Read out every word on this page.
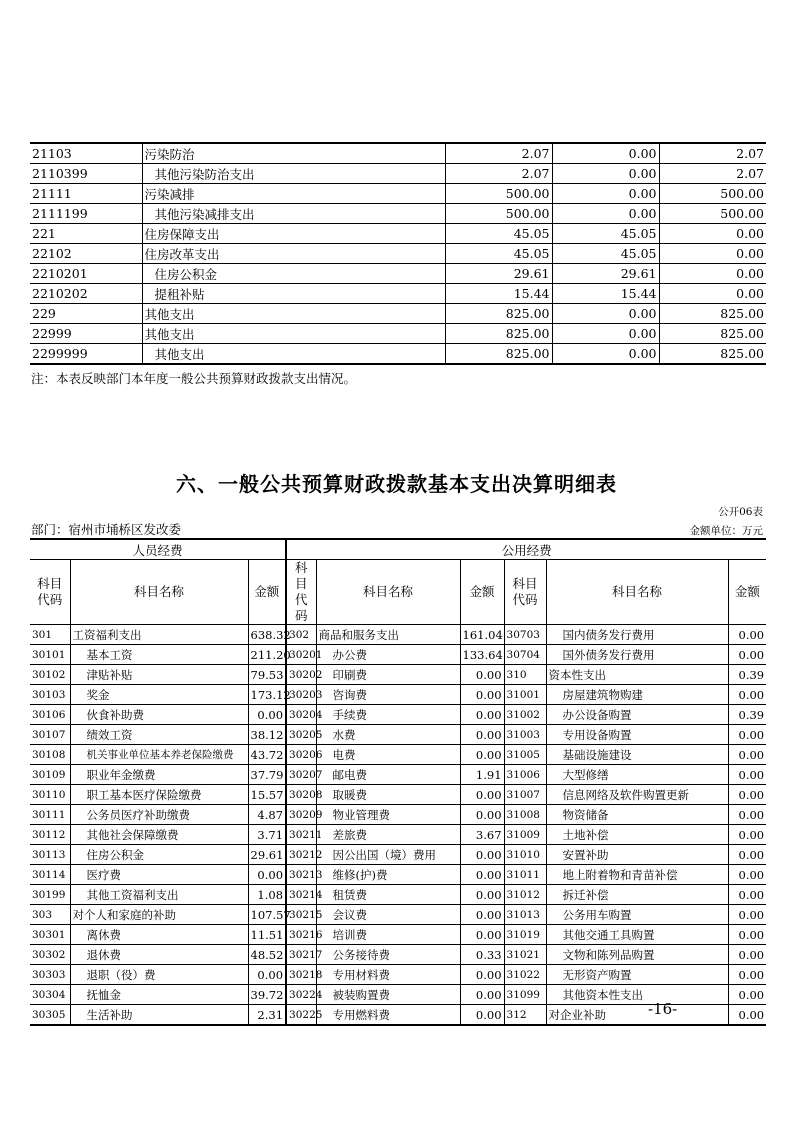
21103	污染防治	2.07	0.00	2.07
2110399	其他污染防治支出	2.07	0.00	2.07
21111	污染减排	500.00	0.00	500.00
2111199	其他污染减排支出	500.00	0.00	500.00
221	住房保障支出	45.05	45.05	0.00
22102	住房改革支出	45.05	45.05	0.00
2210201	住房公积金	29.61	29.61	0.00
2210202	提租补贴	15.44	15.44	0.00
229	其他支出	825.00	0.00	825.00
22999	其他支出	825.00	0.00	825.00
2299999	其他支出	825.00	0.00	825.00
注：本表反映部门本年度一般公共预算财政拨款支出情况。
六、一般公共预算财政拨款基本支出决算明细表
公开06表
部门：宿州市埇桥区发改委	金额单位：万元
人员经费			公用经费					
科目代码	科目名称	金额	科目代码	科目名称	金额	科目代码	科目名称	金额
301	工资福利支出	638.32	302	商品和服务支出	161.04	30703	国内债务发行费用	0.00
30101	基本工资	211.20	30201	办公费	133.64	30704	国外债务发行费用	0.00
30102	津贴补贴	79.53	30202	印刷费	0.00	310	资本性支出	0.39
30103	奖金	173.12	30203	咨询费	0.00	31001	房屋建筑物购建	0.00
30106	伙食补助费	0.00	30204	手续费	0.00	31002	办公设备购置	0.39
30107	绩效工资	38.12	30205	水费	0.00	31003	专用设备购置	0.00
30108	机关事业单位基本养老保险缴费	43.72	30206	电费	0.00	31005	基础设施建设	0.00
30109	职业年金缴费	37.79	30207	邮电费	1.91	31006	大型修缮	0.00
30110	职工基本医疗保险缴费	15.57	30208	取暖费	0.00	31007	信息网络及软件购置更新	0.00
30111	公务员医疗补助缴费	4.87	30209	物业管理费	0.00	31008	物资储备	0.00
30112	其他社会保障缴费	3.71	30211	差旅费	3.67	31009	土地补偿	0.00
30113	住房公积金	29.61	30212	因公出国（境）费用	0.00	31010	安置补助	0.00
30114	医疗费	0.00	30213	维修(护)费	0.00	31011	地上附着物和青苗补偿	0.00
30199	其他工资福利支出	1.08	30214	租赁费	0.00	31012	拆迁补偿	0.00
303	对个人和家庭的补助	107.57	30215	会议费	0.00	31013	公务用车购置	0.00
30301	离休费	11.51	30216	培训费	0.00	31019	其他交通工具购置	0.00
30302	退休费	48.52	30217	公务接待费	0.33	31021	文物和陈列品购置	0.00
30303	退职（役）费	0.00	30218	专用材料费	0.00	31022	无形资产购置	0.00
30304	抚恤金	39.72	30224	被装购置费	0.00	31099	其他资本性支出	0.00
30305	生活补助	2.31	30225	专用燃料费	0.00	312	对企业补助	0.00
-16-
